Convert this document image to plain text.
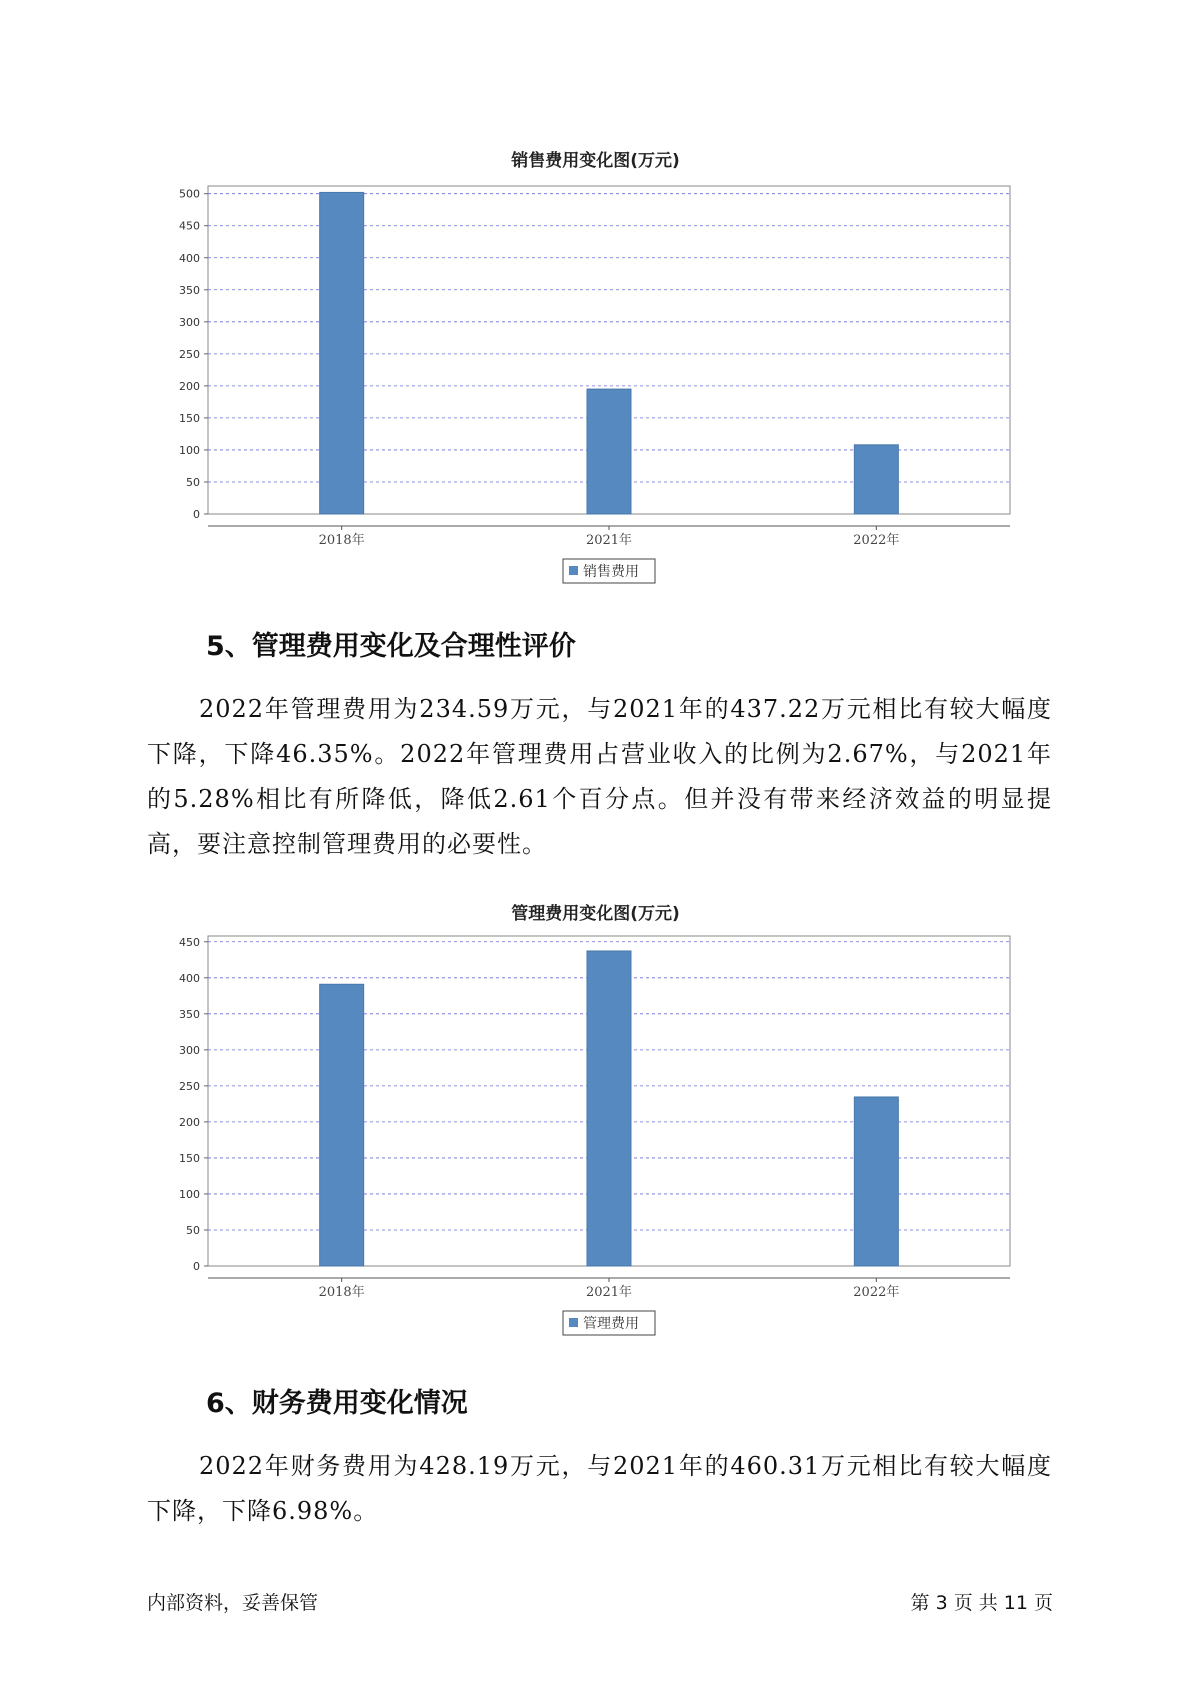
销售费用变化图(万元)
0
50
100
150
200
250
300
350
400
450
500
2018年	2021年	2022年
销售费用
5、管理费用变化及合理性评价

2022年管理费用为234.59万元，与2021年的437.22万元相比有较大幅度下降，下降46.35%。2022年管理费用占营业收入的比例为2.67%，与2021年的5.28%相比有所降低，降低2.61个百分点。但并没有带来经济效益的明显提高，要注意控制管理费用的必要性。

管理费用变化图(万元)
0
50
100
150
200
250
300
350
400
450
2018年	2021年	2022年
管理费用
6、财务费用变化情况

2022年财务费用为428.19万元，与2021年的460.31万元相比有较大幅度下降，下降6.98%。

内部资料，妥善保管	第 3 页 共 11 页
